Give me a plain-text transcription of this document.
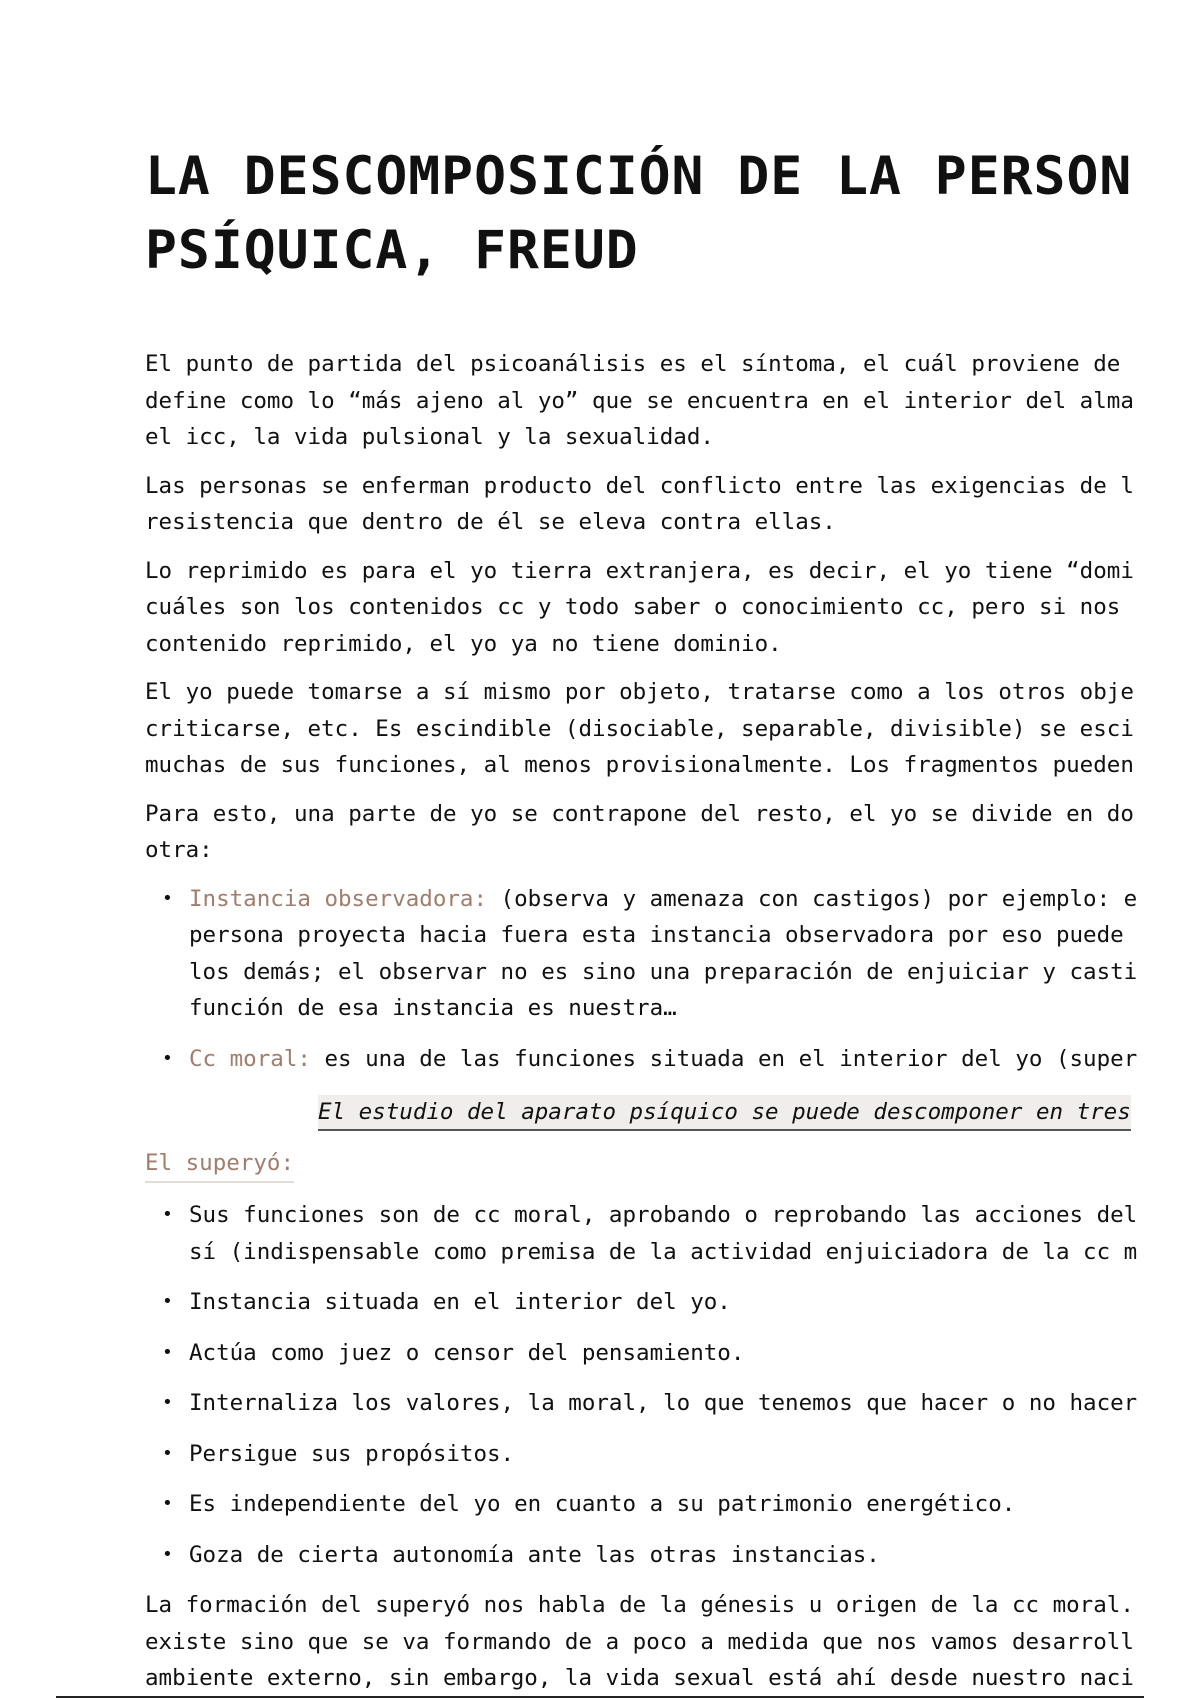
LA DESCOMPOSICIÓN DE LA PERSON
PSÍQUICA, FREUD

El punto de partida del psicoanálisis es el síntoma, el cuál proviene de
define como lo “más ajeno al yo” que se encuentra en el interior del alma
el icc, la vida pulsional y la sexualidad.

Las personas se enferman producto del conflicto entre las exigencias de l
resistencia que dentro de él se eleva contra ellas.

Lo reprimido es para el yo tierra extranjera, es decir, el yo tiene “domi
cuáles son los contenidos cc y todo saber o conocimiento cc, pero si nos
contenido reprimido, el yo ya no tiene dominio.

El yo puede tomarse a sí mismo por objeto, tratarse como a los otros obje
criticarse, etc. Es escindible (disociable, separable, divisible) se esci
muchas de sus funciones, al menos provisionalmente. Los fragmentos pueden

Para esto, una parte de yo se contrapone del resto, el yo se divide en do
otra:

• Instancia observadora: (observa y amenaza con castigos) por ejemplo: e
persona proyecta hacia fuera esta instancia observadora por eso puede
los demás; el observar no es sino una preparación de enjuiciar y casti
función de esa instancia es nuestra…
• Cc moral: es una de las funciones situada en el interior del yo (super
El estudio del aparato psíquico se puede descomponer en tres
El superyó:
• Sus funciones son de cc moral, aprobando o reprobando las acciones del
sí (indispensable como premisa de la actividad enjuiciadora de la cc m
• Instancia situada en el interior del yo.
• Actúa como juez o censor del pensamiento.
• Internaliza los valores, la moral, lo que tenemos que hacer o no hacer
• Persigue sus propósitos.
• Es independiente del yo en cuanto a su patrimonio energético.
• Goza de cierta autonomía ante las otras instancias.

La formación del superyó nos habla de la génesis u origen de la cc moral.
existe sino que se va formando de a poco a medida que nos vamos desarroll
ambiente externo, sin embargo, la vida sexual está ahí desde nuestro naci
